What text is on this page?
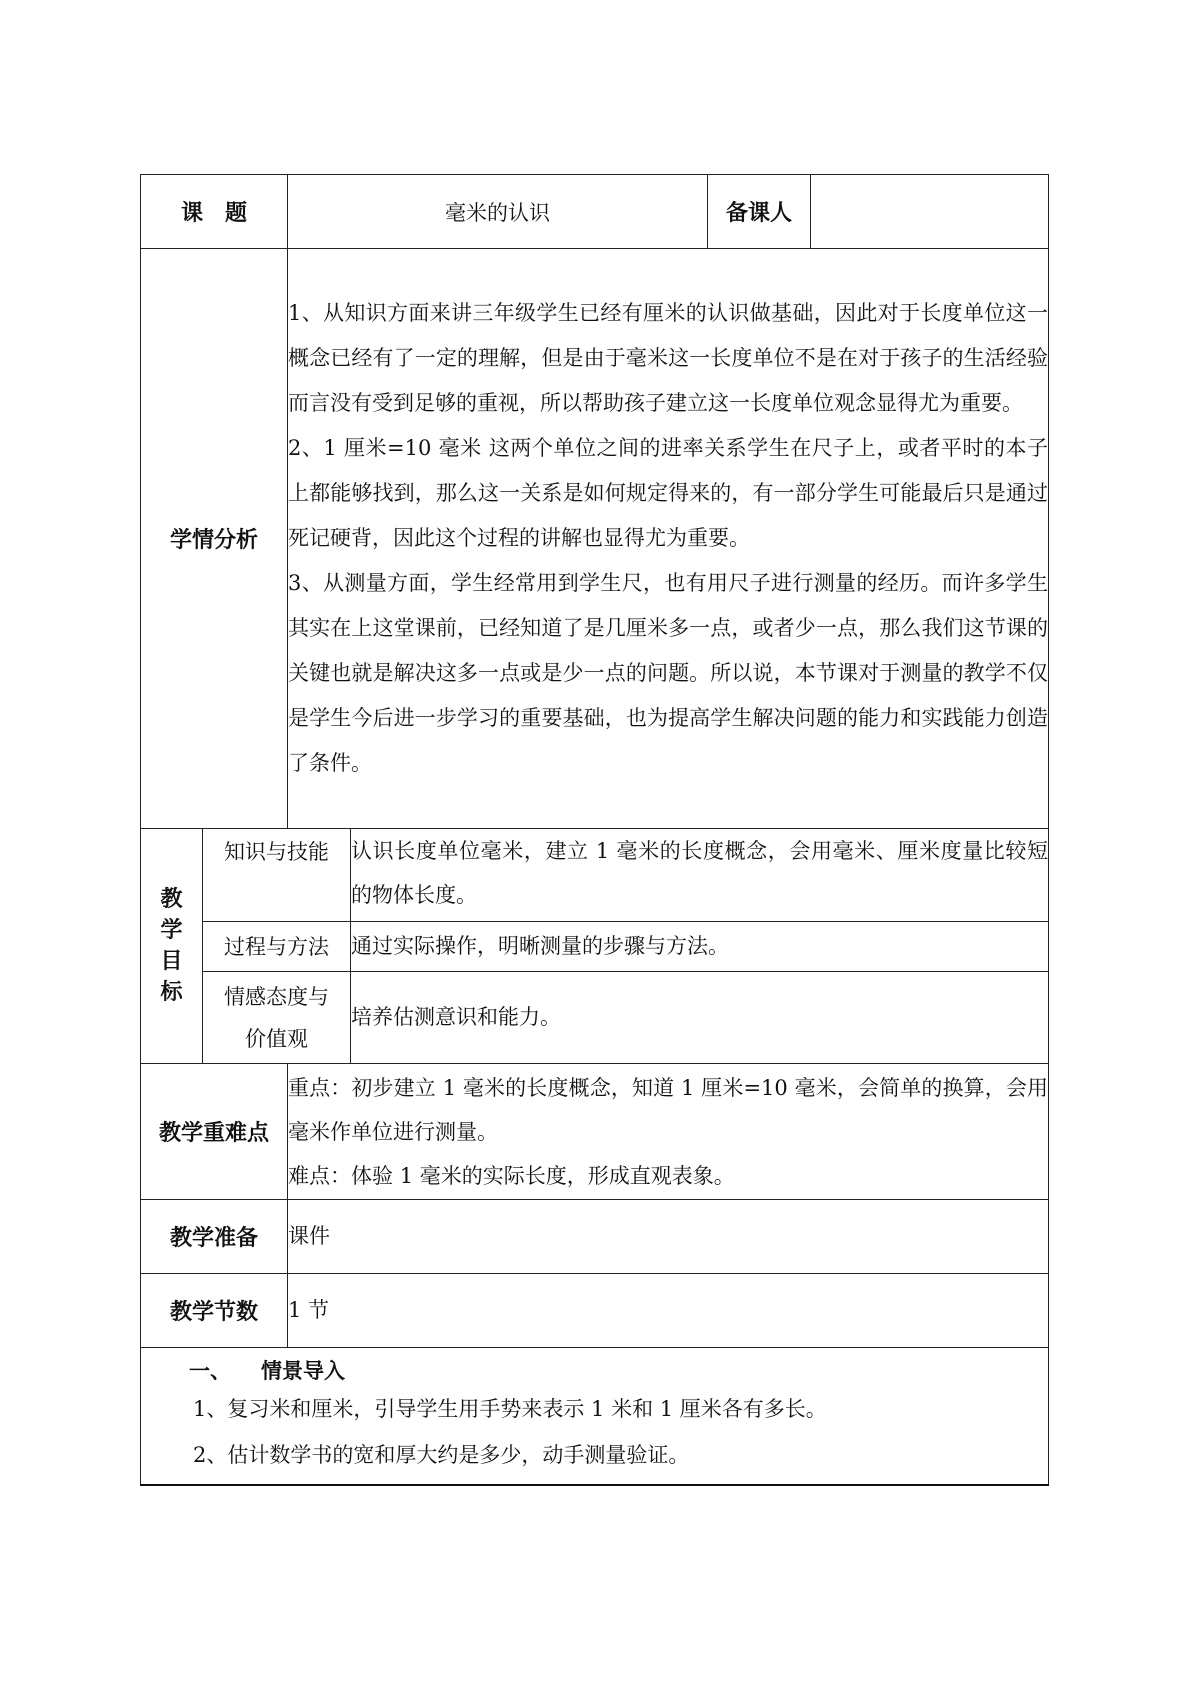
课　题		毫米的认识		备课人	
学情分析		1、从知识方面来讲三年级学生已经有厘米的认识做基础，因此对于长度单位这一概念已经有了一定的理解，但是由于毫米这一长度单位不是在对于孩子的生活经验而言没有受到足够的重视，所以帮助孩子建立这一长度单位观念显得尤为重要。

2、1 厘米=10 毫米 这两个单位之间的进率关系学生在尺子上，或者平时的本子上都能够找到，那么这一关系是如何规定得来的，有一部分学生可能最后只是通过死记硬背，因此这个过程的讲解也显得尤为重要。

3、从测量方面，学生经常用到学生尺，也有用尺子进行测量的经历。而许多学生其实在上这堂课前，已经知道了是几厘米多一点，或者少一点，那么我们这节课的关键也就是解决这多一点或是少一点的问题。所以说，本节课对于测量的教学不仅是学生今后进一步学习的重要基础，也为提高学生解决问题的能力和实践能力创造了条件。			

教学目标	知识与技能		认识长度单位毫米，建立 1 毫米的长度概念，会用毫米、厘米度量比较短的物体长度。		
	过程与方法		通过实际操作，明晰测量的步骤与方法。		
	情感态度与价值观		培养估测意识和能力。		
教学重难点		重点：初步建立 1 毫米的长度概念，知道 1 厘米=10 毫米，会简单的换算，会用毫米作单位进行测量。

难点：体验 1 毫米的实际长度，形成直观表象。			

教学准备		课件			
教学节数		1 节			

一、 情景导入
1、复习米和厘米，引导学生用手势来表示 1 米和 1 厘米各有多长。
2、估计数学书的宽和厚大约是多少，动手测量验证。					
